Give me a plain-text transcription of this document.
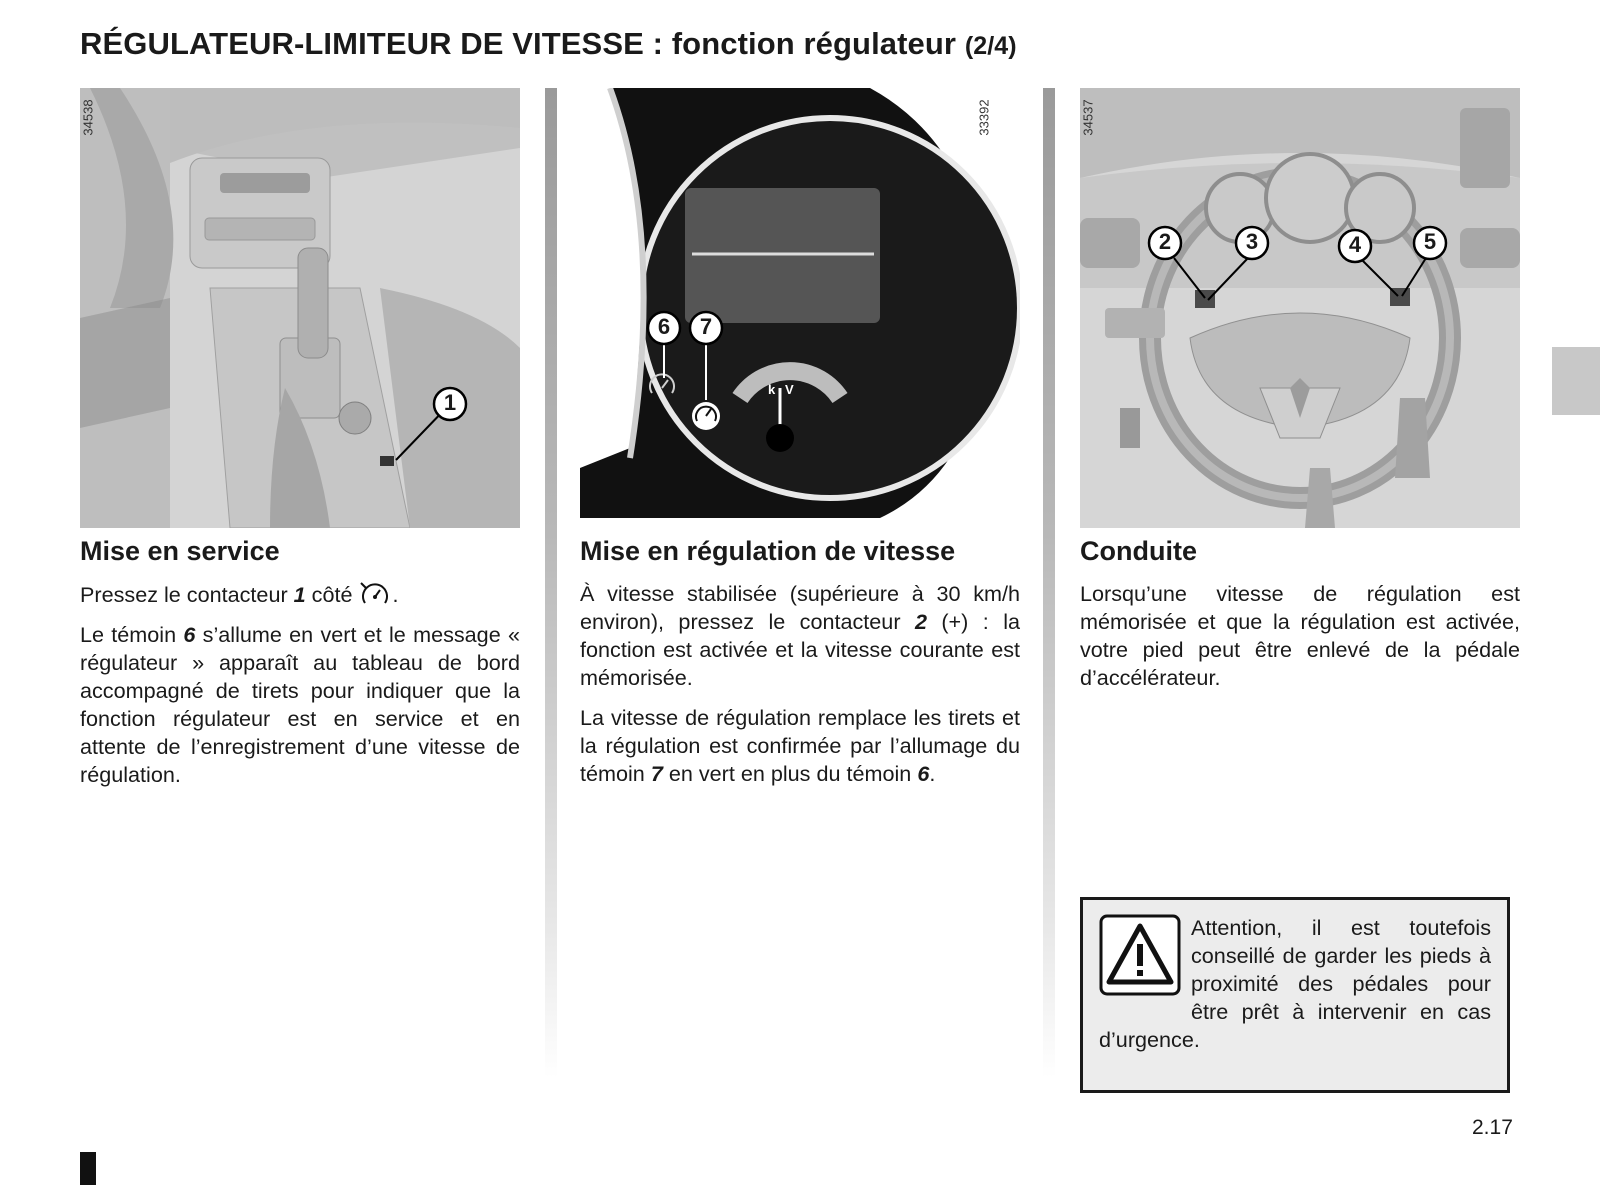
RÉGULATEUR-LIMITEUR DE VITESSE : fonction régulateur (2/4)
34538
1
k V
33392
6 7
34537
2	3	4	5
Mise en service

Pressez le contacteur 1 côté .

Le témoin 6 s’allume en vert et le message « régulateur » apparaît au tableau de bord accompagné de tirets pour indiquer que la fonction régulateur est en service et en attente de l’enregistrement d’une vitesse de régulation.

Mise en régulation de vitesse

À vitesse stabilisée (supérieure à 30 km/h environ), pressez le contacteur 2 (+) : la fonction est activée et la vitesse courante est mémorisée.

La vitesse de régulation remplace les tirets et la régulation est confirmée par l’allumage du témoin 7 en vert en plus du témoin 6.

Conduite

Lorsqu’une vitesse de régulation est mémorisée et que la régulation est activée, votre pied peut être enlevé de la pédale d’accélérateur.

Attention, il est toutefois conseillé de garder les pieds à proximité des pédales pour être prêt à intervenir en cas d’urgence.

2.17
